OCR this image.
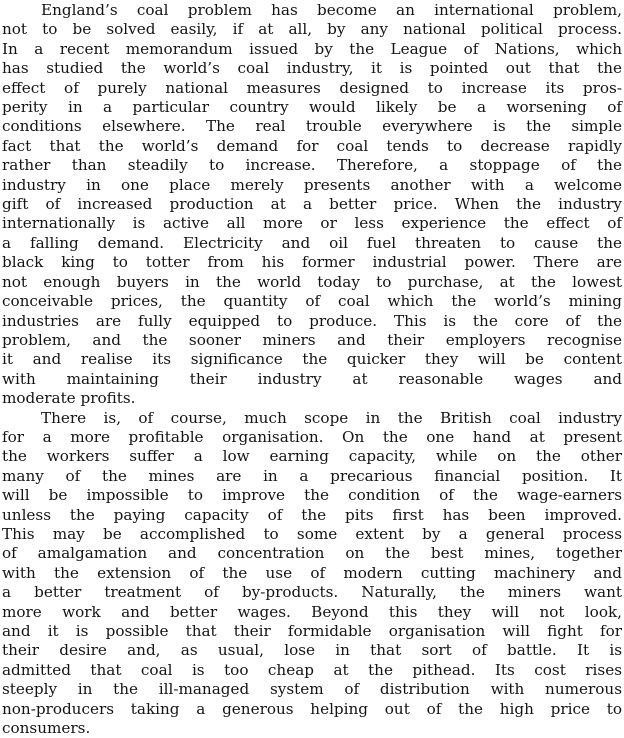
England’s coal problem has become an international problem,
not to be solved easily, if at all, by any national political process.
In a recent memorandum issued by the League of Nations, which
has studied the world’s coal industry, it is pointed out that the
effect of purely national measures designed to increase its pros-
perity in a particular country would likely be a worsening of
conditions elsewhere. The real trouble everywhere is the simple
fact that the world’s demand for coal tends to decrease rapidly
rather than steadily to increase. Therefore, a stoppage of the
industry in one place merely presents another with a welcome
gift of increased production at a better price. When the industry
internationally is active all more or less experience the effect of
a falling demand. Electricity and oil fuel threaten to cause the
black king to totter from his former industrial power. There are
not enough buyers in the world today to purchase, at the lowest
conceivable prices, the quantity of coal which the world’s mining
industries are fully equipped to produce. This is the core of the
problem, and the sooner miners and their employers recognise
it and realise its significance the quicker they will be content
with maintaining their industry at reasonable wages and
moderate profits.
There is, of course, much scope in the British coal industry
for a more profitable organisation. On the one hand at present
the workers suffer a low earning capacity, while on the other
many of the mines are in a precarious financial position. It
will be impossible to improve the condition of the wage-earners
unless the paying capacity of the pits first has been improved.
This may be accomplished to some extent by a general process
of amalgamation and concentration on the best mines, together
with the extension of the use of modern cutting machinery and
a better treatment of by-products. Naturally, the miners want
more work and better wages. Beyond this they will not look,
and it is possible that their formidable organisation will fight for
their desire and, as usual, lose in that sort of battle. It is
admitted that coal is too cheap at the pithead. Its cost rises
steeply in the ill-managed system of distribution with numerous
non-producers taking a generous helping out of the high price to
consumers.
